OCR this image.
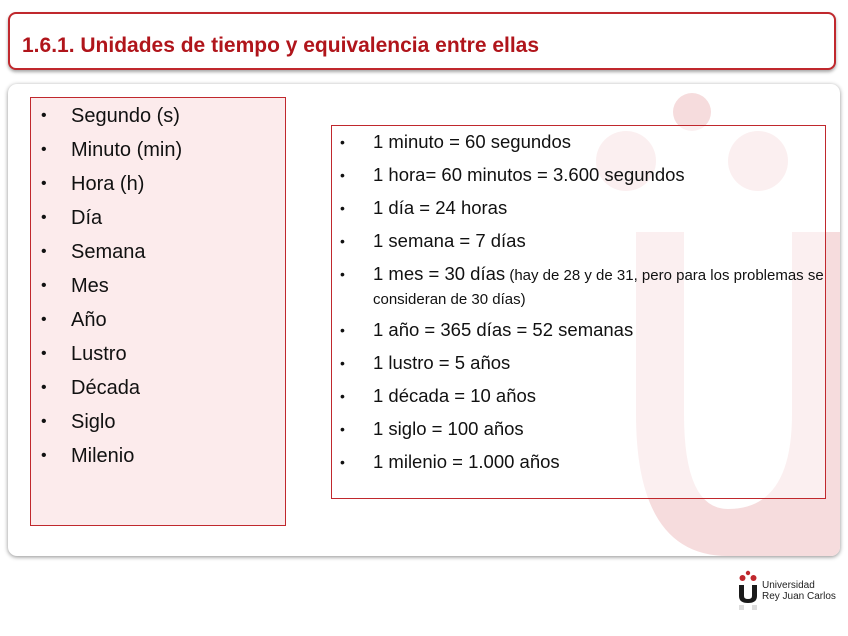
1.6.1. Unidades de tiempo y equivalencia entre ellas
• Segundo (s)
• Minuto (min)
• Hora (h)
• Día
• Semana
• Mes
• Año
• Lustro
• Década
• Siglo
• Milenio
• 1 minuto = 60 segundos
• 1 hora= 60 minutos = 3.600 segundos
• 1 día = 24 horas
• 1 semana = 7 días
• 1 mes = 30 días (hay de 28 y de 31, pero para los problemas se consideran de 30 días)
• 1 año = 365 días = 52 semanas
• 1 lustro = 5 años
• 1 década = 10 años
• 1 siglo = 100 años
• 1 milenio = 1.000 años
Universidad
Rey Juan Carlos
